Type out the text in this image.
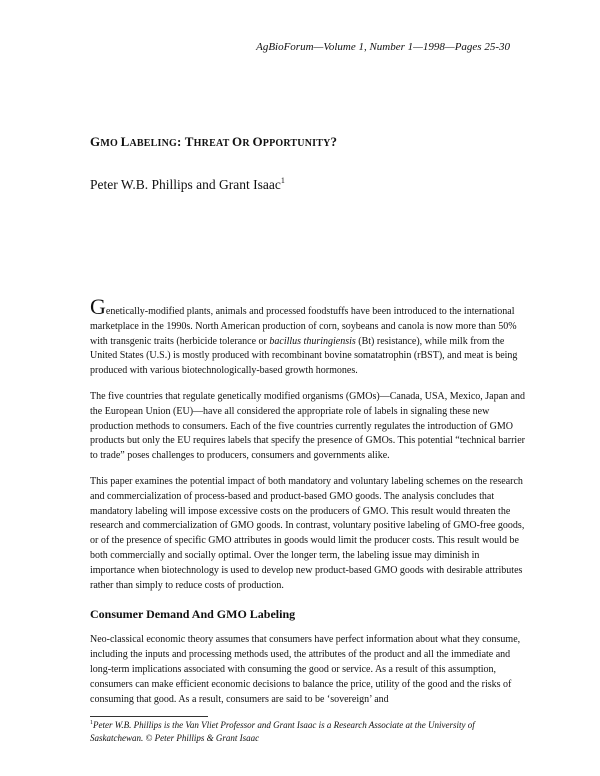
AgBioForum—Volume 1, Number 1—1998—Pages 25-30
GMO LABELING: THREAT OR OPPORTUNITY?
Peter W.B. Phillips and Grant Isaac$^1$

Genetically-modified plants, animals and processed foodstuffs have been introduced to the international marketplace in the 1990s. North American production of corn, soybeans and canola is now more than 50% with transgenic traits (herbicide tolerance or bacillus thuringiensis (Bt) resistance), while milk from the United States (U.S.) is mostly produced with recombinant bovine somatatrophin (rBST), and meat is being produced with various biotechnologically-based growth hormones.

The five countries that regulate genetically modified organisms (GMOs)—Canada, USA, Mexico, Japan and the European Union (EU)—have all considered the appropriate role of labels in signaling these new production methods to consumers. Each of the five countries currently regulates the introduction of GMO products but only the EU requires labels that specify the presence of GMOs. This potential “technical barrier to trade” poses challenges to producers, consumers and governments alike.

This paper examines the potential impact of both mandatory and voluntary labeling schemes on the research and commercialization of process-based and product-based GMO goods. The analysis concludes that mandatory labeling will impose excessive costs on the producers of GMO. This result would threaten the research and commercialization of GMO goods. In contrast, voluntary positive labeling of GMO-free goods, or of the presence of specific GMO attributes in goods would limit the producer costs. This result would be both commercially and socially optimal. Over the longer term, the labeling issue may diminish in importance when biotechnology is used to develop new product-based GMO goods with desirable attributes rather than simply to reduce costs of production.

Consumer Demand And GMO Labeling

Neo-classical economic theory assumes that consumers have perfect information about what they consume, including the inputs and processing methods used, the attributes of the product and all the immediate and long-term implications associated with consuming the good or service. As a result of this assumption, consumers can make efficient economic decisions to balance the price, utility of the good and the risks of consuming that good. As a result, consumers are said to be ‘sovereign’ and

$^1$Peter W.B. Phillips is the Van Vliet Professor and Grant Isaac is a Research Associate at the University of Saskatchewan. © Peter Phillips & Grant Isaac
